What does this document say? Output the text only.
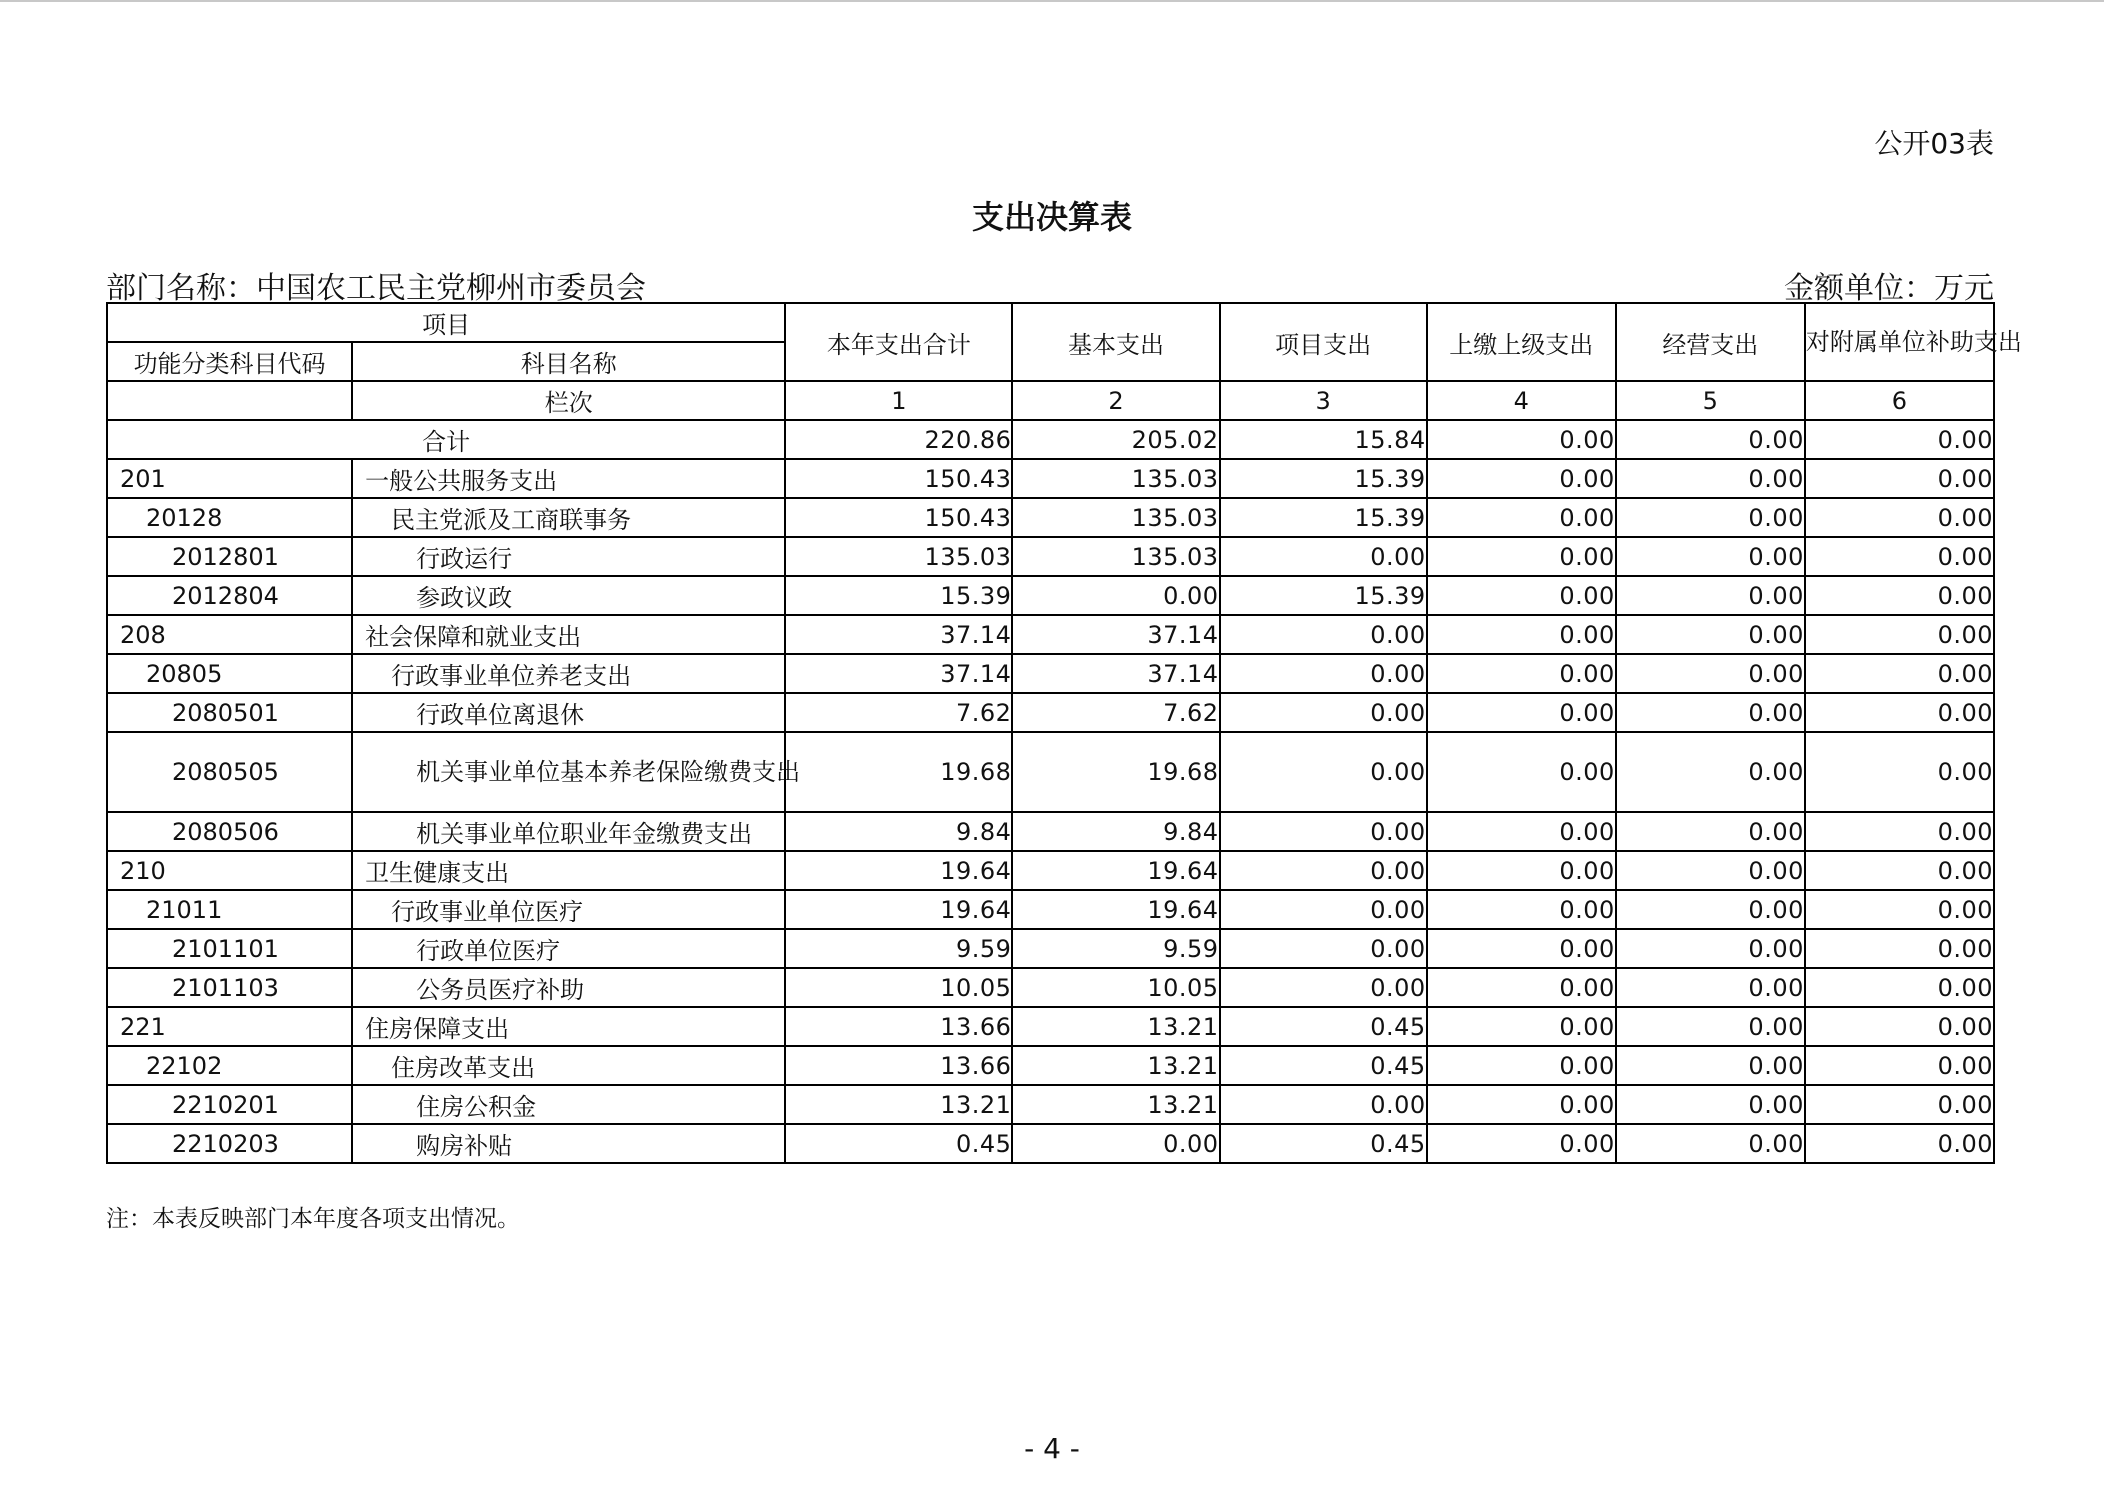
公开03表
支出决算表
部门名称：中国农工民主党柳州市委员会	金额单位：万元
项目		本年支出合计	基本支出	项目支出	上缴上级支出	经营支出	对附属单位补助支出
功能分类科目代码	科目名称						
	栏次	1	2	3	4	5	6
合计		220.86	205.02	15.84	0.00	0.00	0.00
201	一般公共服务支出	150.43	135.03	15.39	0.00	0.00	0.00
20128	民主党派及工商联事务	150.43	135.03	15.39	0.00	0.00	0.00
2012801	行政运行	135.03	135.03	0.00	0.00	0.00	0.00
2012804	参政议政	15.39	0.00	15.39	0.00	0.00	0.00
208	社会保障和就业支出	37.14	37.14	0.00	0.00	0.00	0.00
20805	行政事业单位养老支出	37.14	37.14	0.00	0.00	0.00	0.00
2080501	行政单位离退休	7.62	7.62	0.00	0.00	0.00	0.00
2080505	机关事业单位基本养老保险缴费支出	19.68	19.68	0.00	0.00	0.00	0.00
2080506	机关事业单位职业年金缴费支出	9.84	9.84	0.00	0.00	0.00	0.00
210	卫生健康支出	19.64	19.64	0.00	0.00	0.00	0.00
21011	行政事业单位医疗	19.64	19.64	0.00	0.00	0.00	0.00
2101101	行政单位医疗	9.59	9.59	0.00	0.00	0.00	0.00
2101103	公务员医疗补助	10.05	10.05	0.00	0.00	0.00	0.00
221	住房保障支出	13.66	13.21	0.45	0.00	0.00	0.00
22102	住房改革支出	13.66	13.21	0.45	0.00	0.00	0.00
2210201	住房公积金	13.21	13.21	0.00	0.00	0.00	0.00
2210203	购房补贴	0.45	0.00	0.45	0.00	0.00	0.00
注：本表反映部门本年度各项支出情况。
- 4 -
